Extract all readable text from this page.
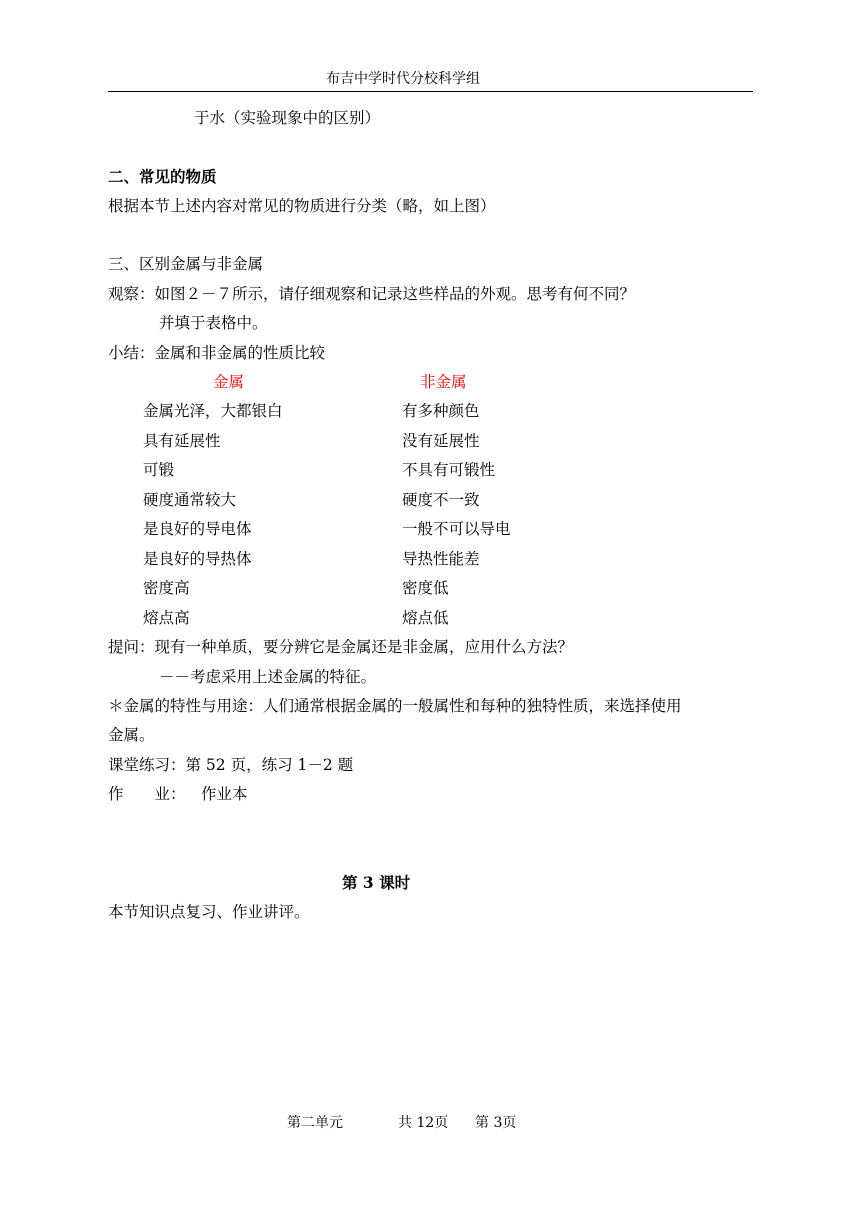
布吉中学时代分校科学组
于水（实验现象中的区别）
二、常见的物质
根据本节上述内容对常见的物质进行分类（略，如上图）
三、区别金属与非金属
观察：如图２－７所示，请仔细观察和记录这些样品的外观。思考有何不同？
并填于表格中。
小结：金属和非金属的性质比较
金属	非金属
金属光泽，大都银白	有多种颜色
具有延展性	没有延展性
可锻	不具有可锻性
硬度通常较大	硬度不一致
是良好的导电体	一般不可以导电
是良好的导热体	导热性能差
密度高	密度低
熔点高	熔点低
提问：现有一种单质，要分辨它是金属还是非金属，应用什么方法？
－－考虑采用上述金属的特征。
＊金属的特性与用途：人们通常根据金属的一般属性和每种的独特性质，来选择使用
金属。
课堂练习：第 52 页，练习 1－2 题
作　　业： 作业本
第 3 课时
本节知识点复习、作业讲评。
第二单元	共 12页 第 3页
